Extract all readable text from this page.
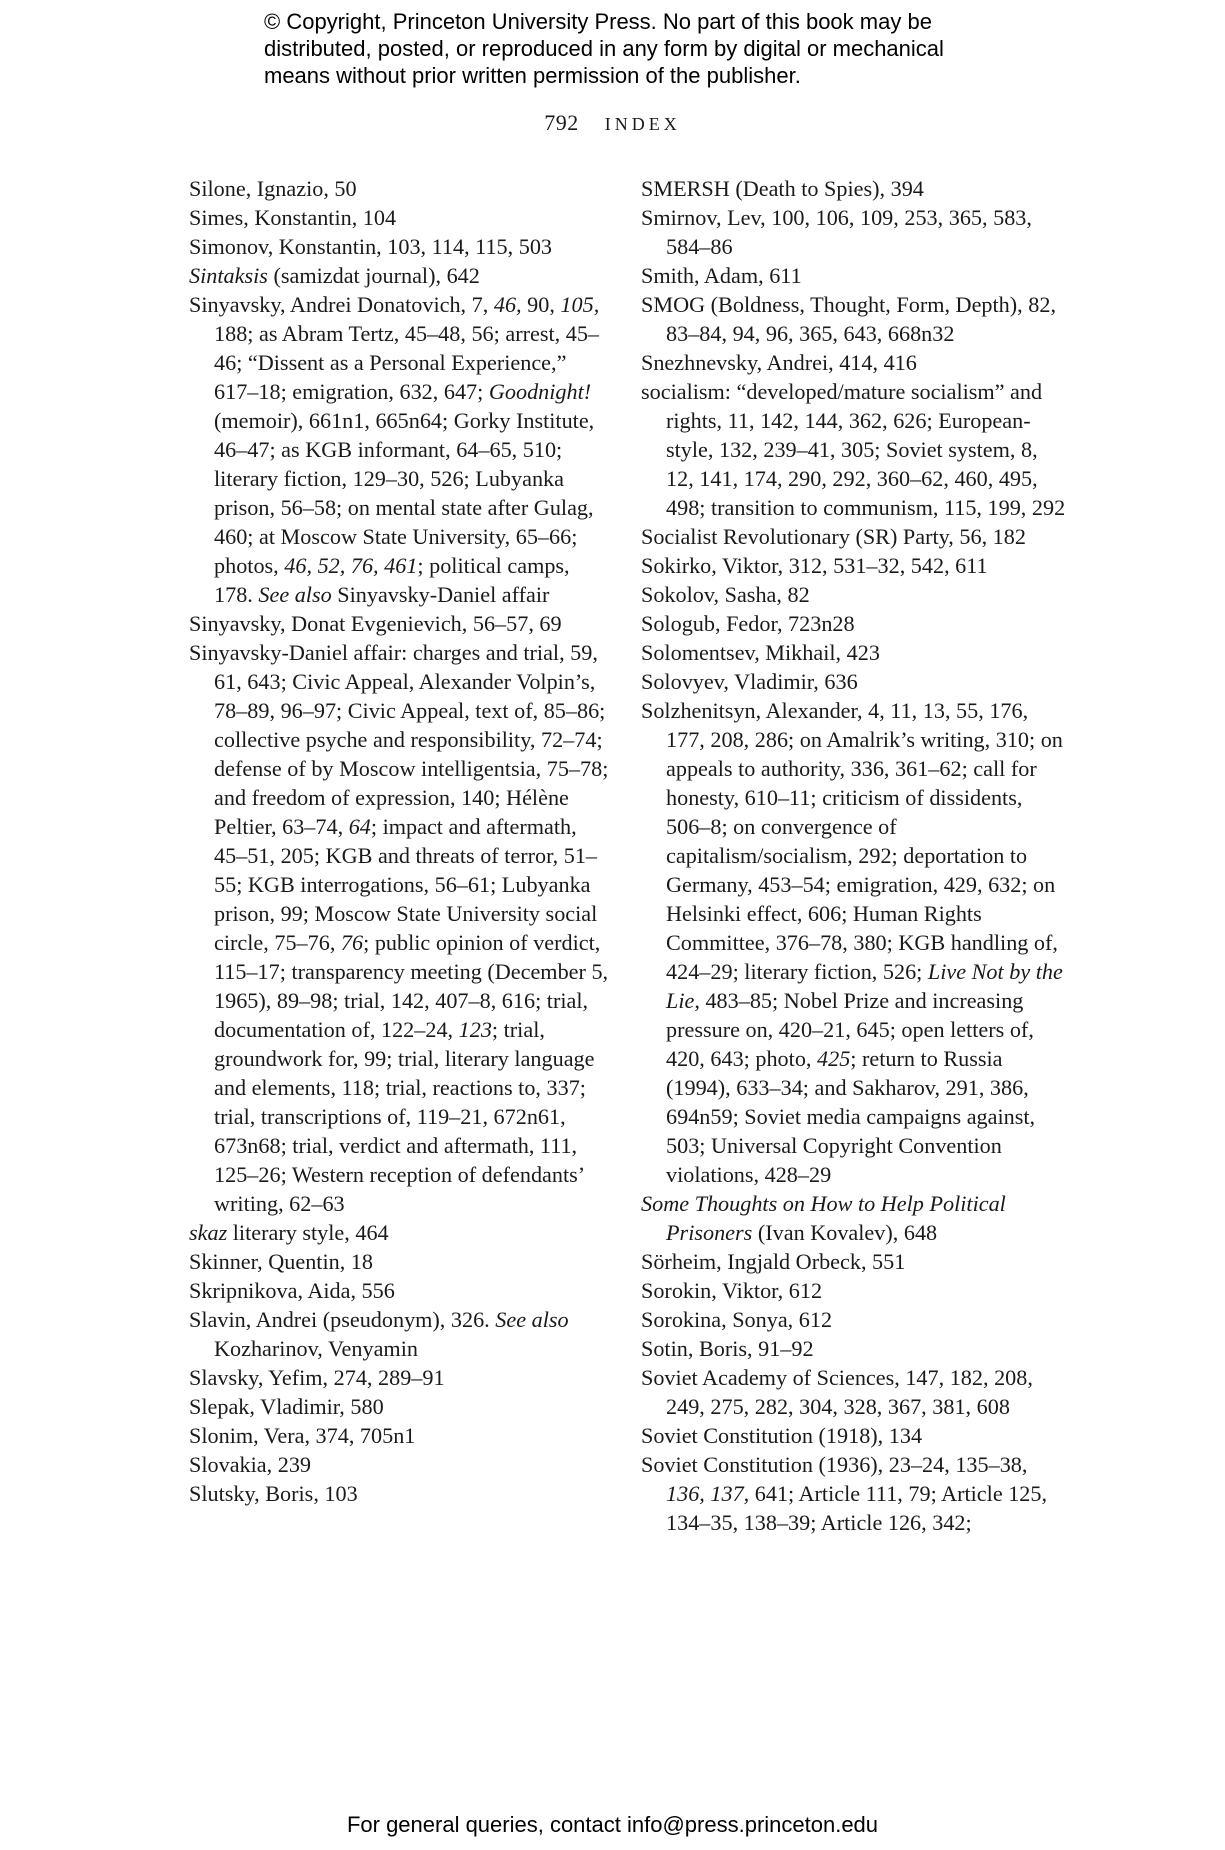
© Copyright, Princeton University Press. No part of this book may be
distributed, posted, or reproduced in any form by digital or mechanical
means without prior written permission of the publisher.
792 INDEX
Silone, Ignazio, 50
Simes, Konstantin, 104
Simonov, Konstantin, 103, 114, 115, 503
Sintaksis (samizdat journal), 642
Sinyavsky, Andrei Donatovich, 7, 46, 90, 105, 188; as Abram Tertz, 45–48, 56; arrest, 45–46; “Dissent as a Personal Experience,” 617–18; emigration, 632, 647; Goodnight! (memoir), 661n1, 665n64; Gorky Institute, 46–47; as KGB informant, 64–65, 510; literary fiction, 129–30, 526; Lubyanka prison, 56–58; on mental state after Gulag, 460; at Moscow State University, 65–66; photos, 46, 52, 76, 461; political camps, 178. See also Sinyavsky-Daniel affair
Sinyavsky, Donat Evgenievich, 56–57, 69
Sinyavsky-Daniel affair: charges and trial, 59, 61, 643; Civic Appeal, Alexander Volpin’s, 78–89, 96–97; Civic Appeal, text of, 85–86; collective psyche and responsibility, 72–74; defense of by Moscow intelligentsia, 75–78; and freedom of expression, 140; Hélène Peltier, 63–74, 64; impact and aftermath, 45–51, 205; KGB and threats of terror, 51–55; KGB interrogations, 56–61; Lubyanka prison, 99; Moscow State University social circle, 75–76, 76; public opinion of verdict, 115–17; transparency meeting (December 5, 1965), 89–98; trial, 142, 407–8, 616; trial, documentation of, 122–24, 123; trial, groundwork for, 99; trial, literary language and elements, 118; trial, reactions to, 337; trial, transcriptions of, 119–21, 672n61, 673n68; trial, verdict and aftermath, 111, 125–26; Western reception of defendants’ writing, 62–63
skaz literary style, 464
Skinner, Quentin, 18
Skripnikova, Aida, 556
Slavin, Andrei (pseudonym), 326. See also Kozharinov, Venyamin
Slavsky, Yefim, 274, 289–91
Slepak, Vladimir, 580
Slonim, Vera, 374, 705n1
Slovakia, 239
Slutsky, Boris, 103
SMERSH (Death to Spies), 394
Smirnov, Lev, 100, 106, 109, 253, 365, 583, 584–86
Smith, Adam, 611
SMOG (Boldness, Thought, Form, Depth), 82, 83–84, 94, 96, 365, 643, 668n32
Snezhnevsky, Andrei, 414, 416
socialism: “developed/mature socialism” and rights, 11, 142, 144, 362, 626; European-style, 132, 239–41, 305; Soviet system, 8, 12, 141, 174, 290, 292, 360–62, 460, 495, 498; transition to communism, 115, 199, 292
Socialist Revolutionary (SR) Party, 56, 182
Sokirko, Viktor, 312, 531–32, 542, 611
Sokolov, Sasha, 82
Sologub, Fedor, 723n28
Solomentsev, Mikhail, 423
Solovyev, Vladimir, 636
Solzhenitsyn, Alexander, 4, 11, 13, 55, 176, 177, 208, 286; on Amalrik’s writing, 310; on appeals to authority, 336, 361–62; call for honesty, 610–11; criticism of dissidents, 506–8; on convergence of capitalism/socialism, 292; deportation to Germany, 453–54; emigration, 429, 632; on Helsinki effect, 606; Human Rights Committee, 376–78, 380; KGB handling of, 424–29; literary fiction, 526; Live Not by the Lie, 483–85; Nobel Prize and increasing pressure on, 420–21, 645; open letters of, 420, 643; photo, 425; return to Russia (1994), 633–34; and Sakharov, 291, 386, 694n59; Soviet media campaigns against, 503; Universal Copyright Convention violations, 428–29
Some Thoughts on How to Help Political Prisoners (Ivan Kovalev), 648
Sörheim, Ingjald Orbeck, 551
Sorokin, Viktor, 612
Sorokina, Sonya, 612
Sotin, Boris, 91–92
Soviet Academy of Sciences, 147, 182, 208, 249, 275, 282, 304, 328, 367, 381, 608
Soviet Constitution (1918), 134
Soviet Constitution (1936), 23–24, 135–38, 136, 137, 641; Article 111, 79; Article 125, 134–35, 138–39; Article 126, 342;
For general queries, contact info@press.princeton.edu
